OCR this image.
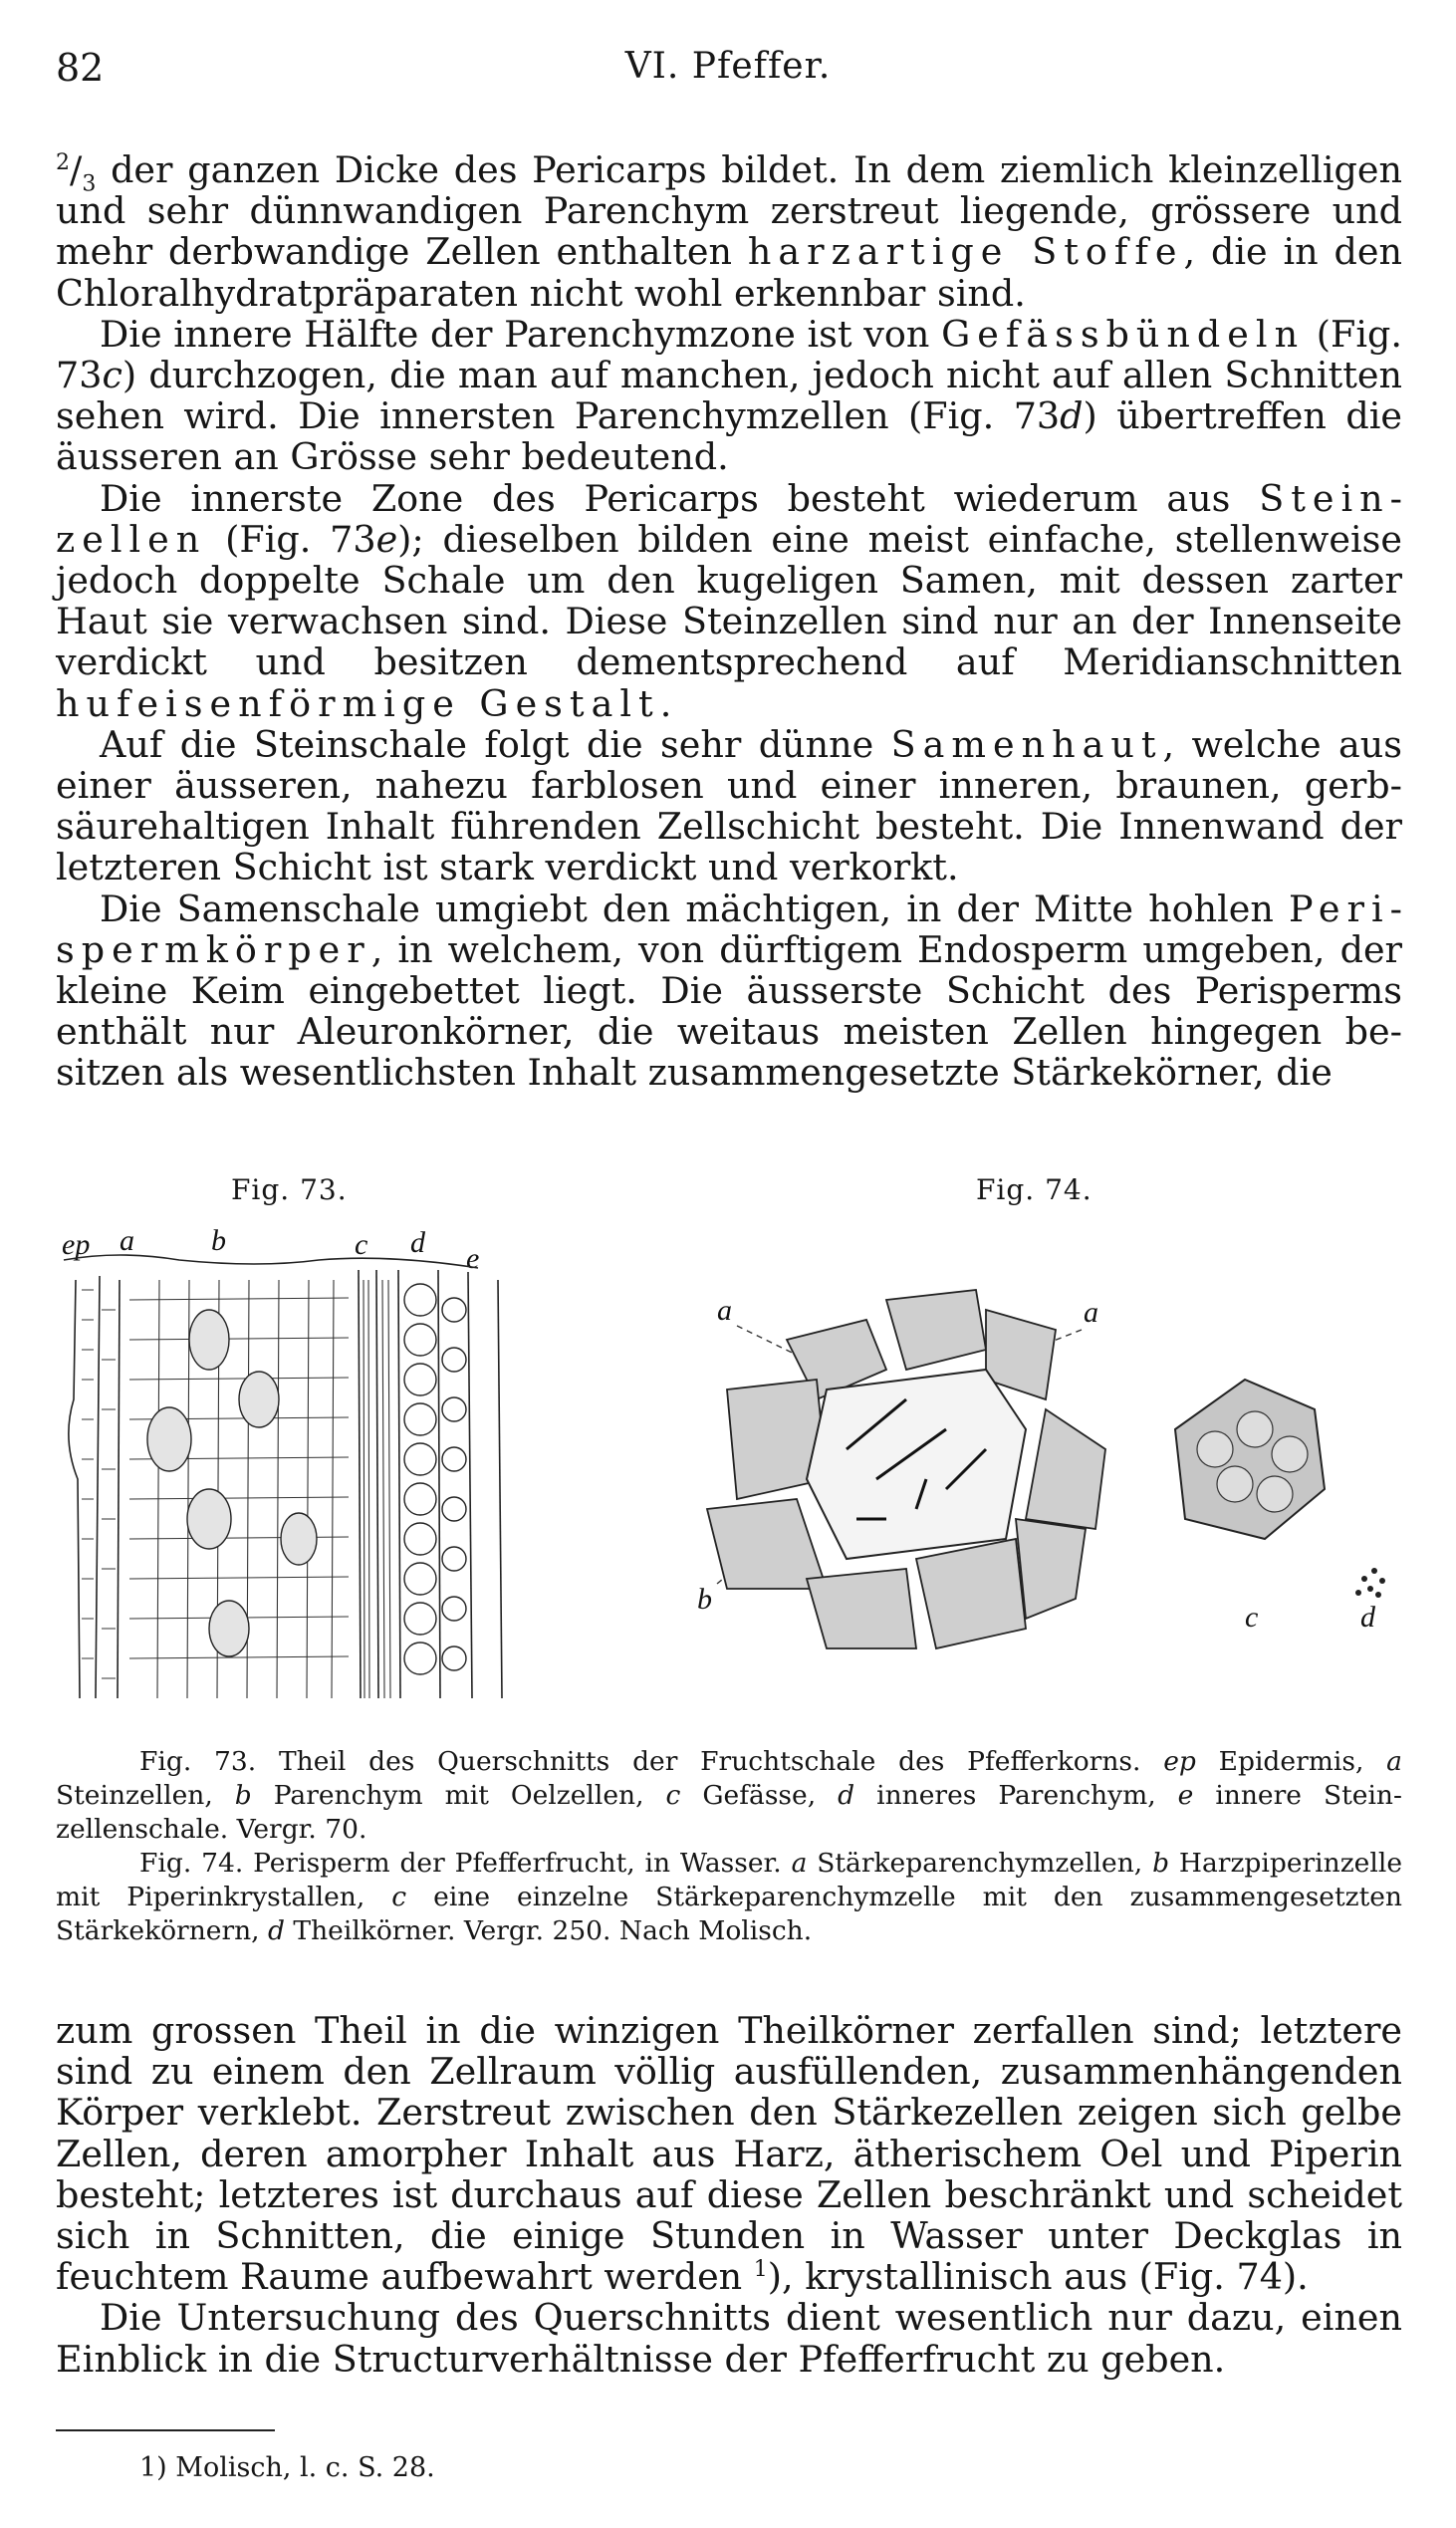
82	VI. Pfeffer.

$^2/_3$ der ganzen Dicke des Pericarps bildet. In dem ziemlich kleinzelligen und sehr dünnwandigen Parenchym zerstreut liegende, grössere und mehr derbwandige Zellen enthalten harzartige Stoffe, die in den Chloralhydratpräparaten nicht wohl erkennbar sind.

Die innere Hälfte der Parenchymzone ist von Gefässbündeln (Fig. 73c) durchzogen, die man auf manchen, jedoch nicht auf allen Schnitten sehen wird. Die innersten Parenchymzellen (Fig. 73d) übertreffen die äusseren an Grösse sehr bedeutend.

Die innerste Zone des Pericarps besteht wiederum aus Steinzellen (Fig. 73e); dieselben bilden eine meist einfache, stellenweise jedoch doppelte Schale um den kugeligen Samen, mit dessen zarter Haut sie verwachsen sind. Diese Steinzellen sind nur an der Innenseite verdickt und besitzen dementsprechend auf Meridianschnitten hufeisenförmige Gestalt.

Auf die Steinschale folgt die sehr dünne Samenhaut, welche aus einer äusseren, nahezu farblosen und einer inneren, braunen, gerbsäurehaltigen Inhalt führenden Zellschicht besteht. Die Innenwand der letzteren Schicht ist stark verdickt und verkorkt.

Die Samenschale umgiebt den mächtigen, in der Mitte hohlen Perispermkörper, in welchem, von dürftigem Endosperm umgeben, der kleine Keim eingebettet liegt. Die äusserste Schicht des Perisperms enthält nur Aleuronkörner, die weitaus meisten Zellen hingegen besitzen als wesentlichsten Inhalt zusammengesetzte Stärkekörner, die

Fig. 73.	Fig. 74.
ep a	b	c d e
a	a
b
c	d

Fig. 73. Theil des Querschnitts der Fruchtschale des Pfefferkorns. ep Epidermis, a Steinzellen, b Parenchym mit Oelzellen, c Gefässe, d inneres Parenchym, e innere Steinzellenschale. Vergr. 70.

Fig. 74. Perisperm der Pfefferfrucht, in Wasser. a Stärkeparenchymzellen, b Harzpiperinzelle mit Piperinkrystallen, c eine einzelne Stärkeparenchymzelle mit den zusammengesetzten Stärkekörnern, d Theilkörner. Vergr. 250. Nach Molisch.

zum grossen Theil in die winzigen Theilkörner zerfallen sind; letztere sind zu einem den Zellraum völlig ausfüllenden, zusammenhängenden Körper verklebt. Zerstreut zwischen den Stärkezellen zeigen sich gelbe Zellen, deren amorpher Inhalt aus Harz, ätherischem Oel und Piperin besteht; letzteres ist durchaus auf diese Zellen beschränkt und scheidet sich in Schnitten, die einige Stunden in Wasser unter Deckglas in feuchtem Raume aufbewahrt werden $^1$), krystallinisch aus (Fig. 74).

Die Untersuchung des Querschnitts dient wesentlich nur dazu, einen Einblick in die Structurverhältnisse der Pfefferfrucht zu geben.

1) Molisch, l. c. S. 28.
